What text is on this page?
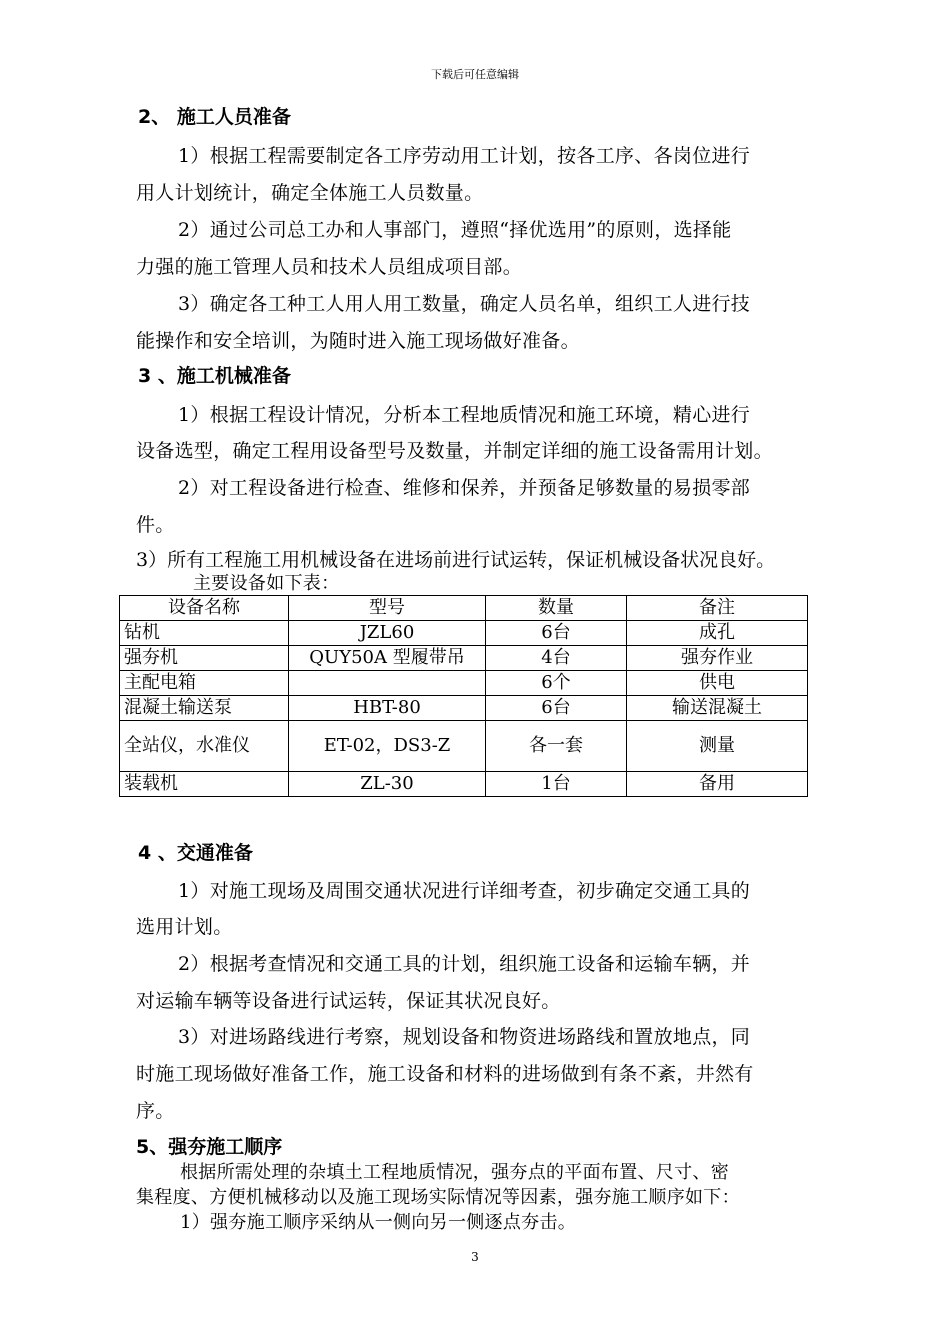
下载后可任意编辑
2、 施工人员准备
1）根据工程需要制定各工序劳动用工计划，按各工序、各岗位进行
用人计划统计，确定全体施工人员数量。
2）通过公司总工办和人事部门，遵照“择优选用”的原则，选择能
力强的施工管理人员和技术人员组成项目部。
3）确定各工种工人用人用工数量，确定人员名单，组织工人进行技
能操作和安全培训，为随时进入施工现场做好准备。
3 、施工机械准备
1）根据工程设计情况，分析本工程地质情况和施工环境，精心进行
设备选型，确定工程用设备型号及数量，并制定详细的施工设备需用计划。
2）对工程设备进行检查、维修和保养，并预备足够数量的易损零部
件。
3）所有工程施工用机械设备在进场前进行试运转，保证机械设备状况良好。
主要设备如下表：
设备名称	型号	数量	备注
钻机	JZL60	6台	成孔
强夯机	QUY50A 型履带吊	4台	强夯作业
主配电箱		6个	供电
混凝土输送泵	HBT-80	6台	输送混凝土
全站仪，水准仪	ET-02，DS3-Z	各一套	测量
装载机	ZL-30	1台	备用
4 、交通准备
1）对施工现场及周围交通状况进行详细考查，初步确定交通工具的
选用计划。
2）根据考查情况和交通工具的计划，组织施工设备和运输车辆，并
对运输车辆等设备进行试运转，保证其状况良好。
3）对进场路线进行考察，规划设备和物资进场路线和置放地点，同
时施工现场做好准备工作，施工设备和材料的进场做到有条不紊，井然有
序。
5、强夯施工顺序
根据所需处理的杂填土工程地质情况，强夯点的平面布置、尺寸、密
集程度、方便机械移动以及施工现场实际情况等因素，强夯施工顺序如下：
1）强夯施工顺序采纳从一侧向另一侧逐点夯击。
3
